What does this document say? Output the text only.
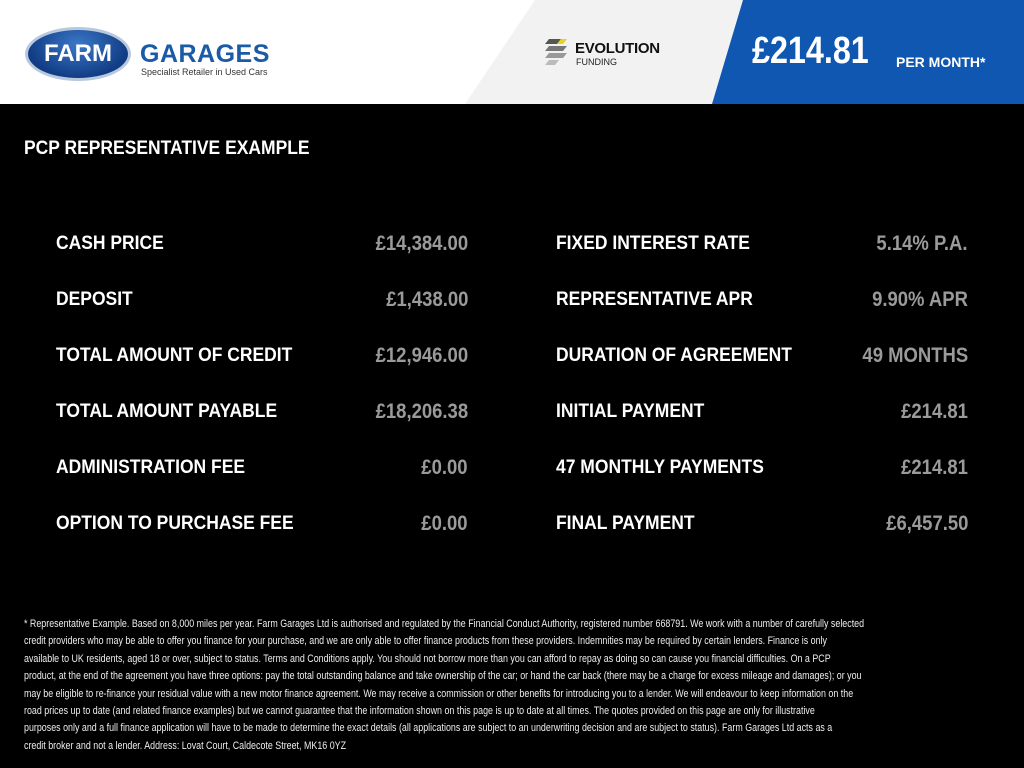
FARM GARAGES
Specialist Retailer in Used Cars
EVOLUTION
FUNDING	£214.81 PER MONTH*
PCP REPRESENTATIVE EXAMPLE
CASH PRICE	£14,384.00
DEPOSIT	£1,438.00
TOTAL AMOUNT OF CREDIT	£12,946.00
TOTAL AMOUNT PAYABLE	£18,206.38
ADMINISTRATION FEE	£0.00
OPTION TO PURCHASE FEE	£0.00
FIXED INTEREST RATE	5.14% P.A.
REPRESENTATIVE APR	9.90% APR
DURATION OF AGREEMENT	49 MONTHS
INITIAL PAYMENT	£214.81
47 MONTHLY PAYMENTS	£214.81
FINAL PAYMENT	£6,457.50
* Representative Example. Based on 8,000 miles per year. Farm Garages Ltd is authorised and regulated by the Financial Conduct Authority, registered number 668791. We work with a number of carefully selected
credit providers who may be able to offer you finance for your purchase, and we are only able to offer finance products from these providers. Indemnities may be required by certain lenders. Finance is only
available to UK residents, aged 18 or over, subject to status. Terms and Conditions apply. You should not borrow more than you can afford to repay as doing so can cause you financial difficulties. On a PCP
product, at the end of the agreement you have three options: pay the total outstanding balance and take ownership of the car; or hand the car back (there may be a charge for excess mileage and damages); or you
may be eligible to re-finance your residual value with a new motor finance agreement. We may receive a commission or other benefits for introducing you to a lender. We will endeavour to keep information on the
road prices up to date (and related finance examples) but we cannot guarantee that the information shown on this page is up to date at all times. The quotes provided on this page are only for illustrative
purposes only and a full finance application will have to be made to determine the exact details (all applications are subject to an underwriting decision and are subject to status). Farm Garages Ltd acts as a
credit broker and not a lender. Address: Lovat Court, Caldecote Street, MK16 0YZ
